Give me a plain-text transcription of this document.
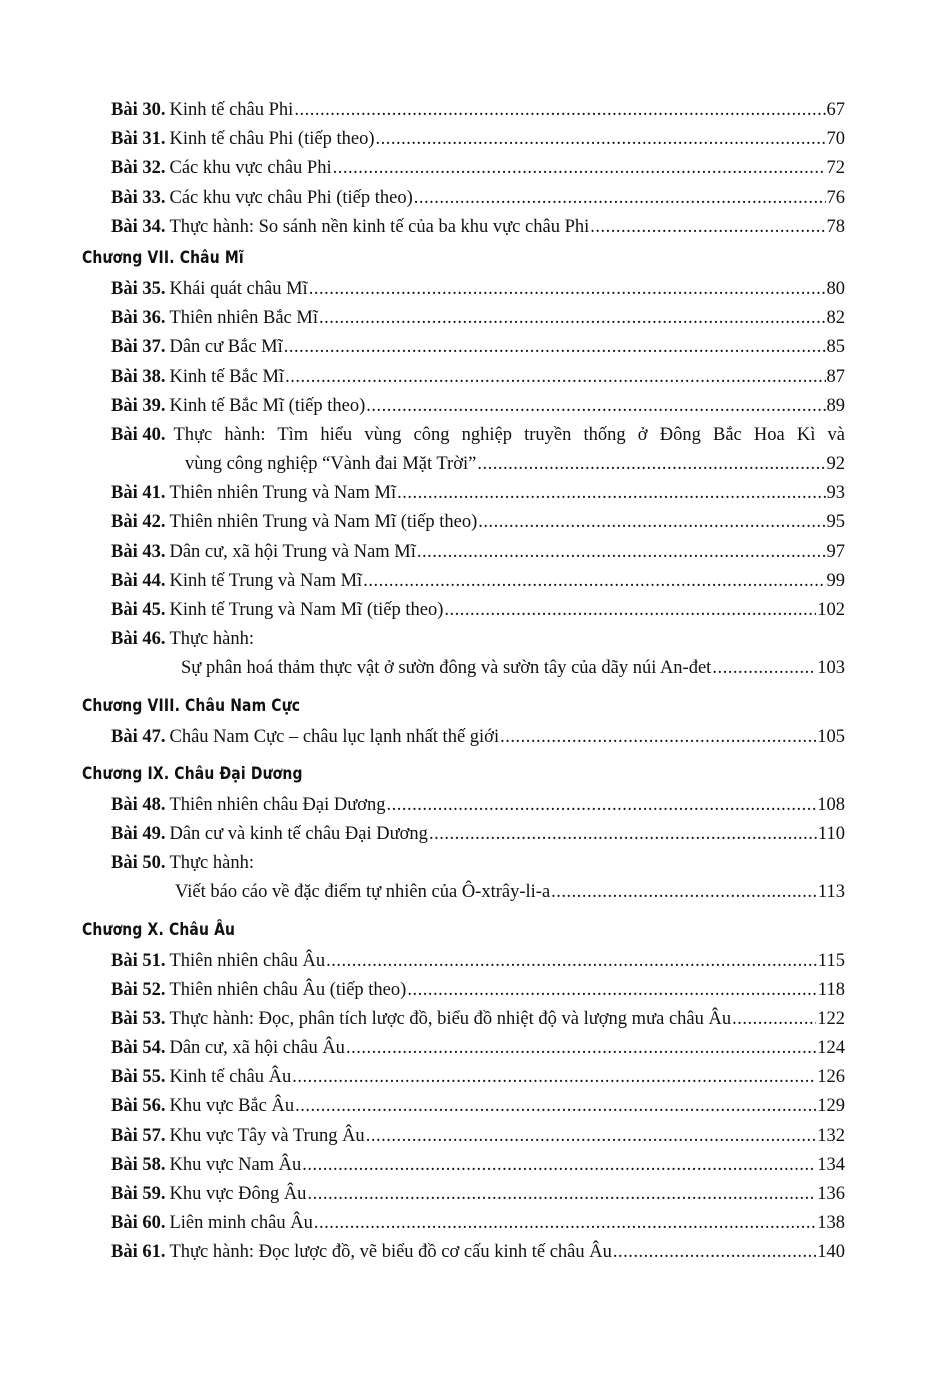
Bài 30. Kinh tế châu Phi .....	67
Bài 31. Kinh tế châu Phi (tiếp theo) .....	70
Bài 32. Các khu vực châu Phi .....	72
Bài 33. Các khu vực châu Phi (tiếp theo) .....	76
Bài 34. Thực hành: So sánh nền kinh tế của ba khu vực châu Phi .....	78
Chương VII. Châu Mĩ
Bài 35. Khái quát châu Mĩ .....	80
Bài 36. Thiên nhiên Bắc Mĩ .....	82
Bài 37. Dân cư Bắc Mĩ .....	85
Bài 38. Kinh tế Bắc Mĩ .....	87
Bài 39. Kinh tế Bắc Mĩ (tiếp theo) .....	89
Bài 40. Thực hành: Tìm hiểu vùng công nghiệp truyền thống ở Đông Bắc Hoa Kì và
vùng công nghiệp “Vành đai Mặt Trời” .....	92
Bài 41. Thiên nhiên Trung và Nam Mĩ .....	93
Bài 42. Thiên nhiên Trung và Nam Mĩ (tiếp theo) .....	95
Bài 43. Dân cư, xã hội Trung và Nam Mĩ .....	97
Bài 44. Kinh tế Trung và Nam Mĩ .....	99
Bài 45. Kinh tế Trung và Nam Mĩ (tiếp theo) .....	102
Bài 46. Thực hành:
Sự phân hoá thảm thực vật ở sườn đông và sườn tây của dãy núi An-đet .....	103
Chương VIII. Châu Nam Cực
Bài 47. Châu Nam Cực – châu lục lạnh nhất thế giới .....	105
Chương IX. Châu Đại Dương
Bài 48. Thiên nhiên châu Đại Dương .....	108
Bài 49. Dân cư và kinh tế châu Đại Dương .....	110
Bài 50. Thực hành:
Viết báo cáo về đặc điểm tự nhiên của Ô-xtrây-li-a .....	113
Chương X. Châu Âu
Bài 51. Thiên nhiên châu Âu .....	115
Bài 52. Thiên nhiên châu Âu (tiếp theo) .....	118
Bài 53. Thực hành: Đọc, phân tích lược đồ, biểu đồ nhiệt độ và lượng mưa châu Âu .....	122
Bài 54. Dân cư, xã hội châu Âu .....	124
Bài 55. Kinh tế châu Âu .....	126
Bài 56. Khu vực Bắc Âu .....	129
Bài 57. Khu vực Tây và Trung Âu .....	132
Bài 58. Khu vực Nam Âu .....	134
Bài 59. Khu vực Đông Âu .....	136
Bài 60. Liên minh châu Âu .....	138
Bài 61. Thực hành: Đọc lược đồ, vẽ biểu đồ cơ cấu kinh tế châu Âu .....	140
